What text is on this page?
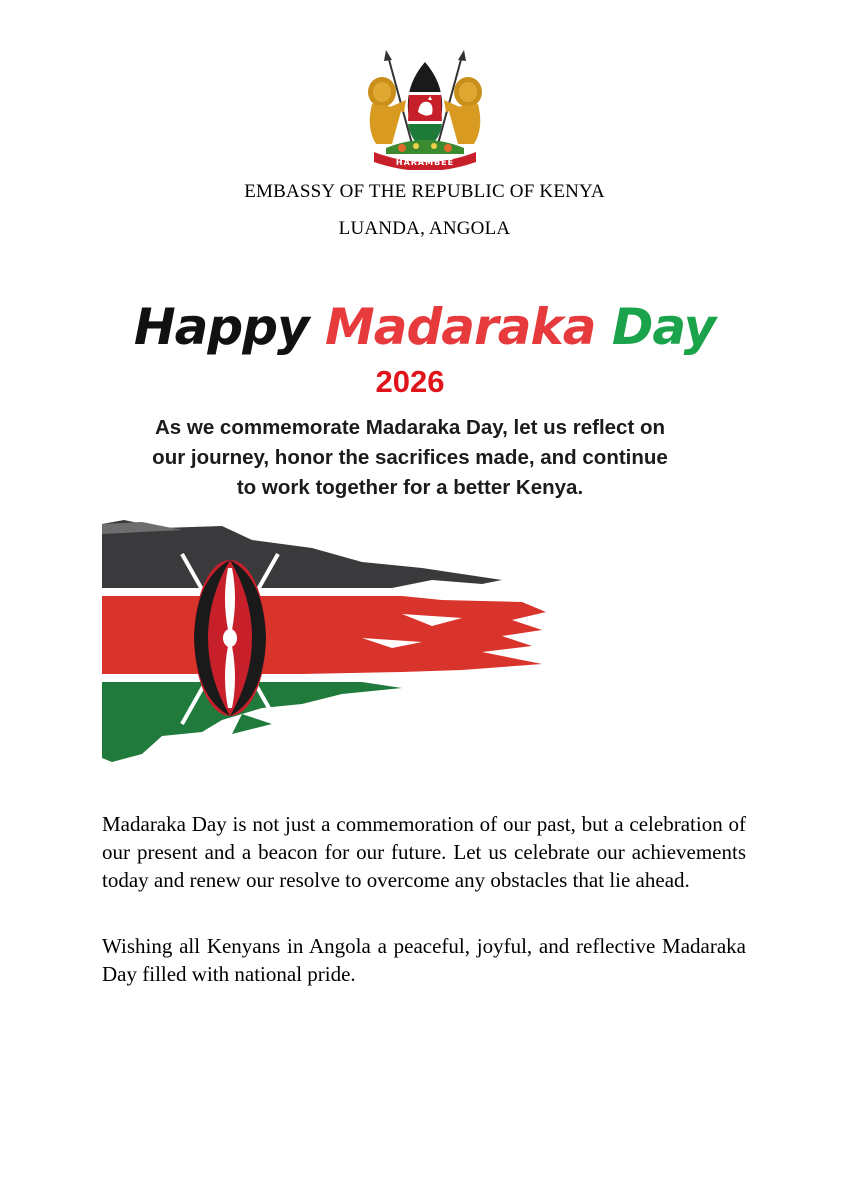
HARAMBEE
EMBASSY OF THE REPUBLIC OF KENYA
LUANDA, ANGOLA
Happy Madaraka Day
2026
As we commemorate Madaraka Day, let us reflect on our journey, honor the sacrifices made, and continue to work together for a better Kenya.

Madaraka Day is not just a commemoration of our past, but a celebration of our present and a beacon for our future. Let us celebrate our achievements today and renew our resolve to overcome any obstacles that lie ahead.

Wishing all Kenyans in Angola a peaceful, joyful, and reflective Madaraka Day filled with national pride.
